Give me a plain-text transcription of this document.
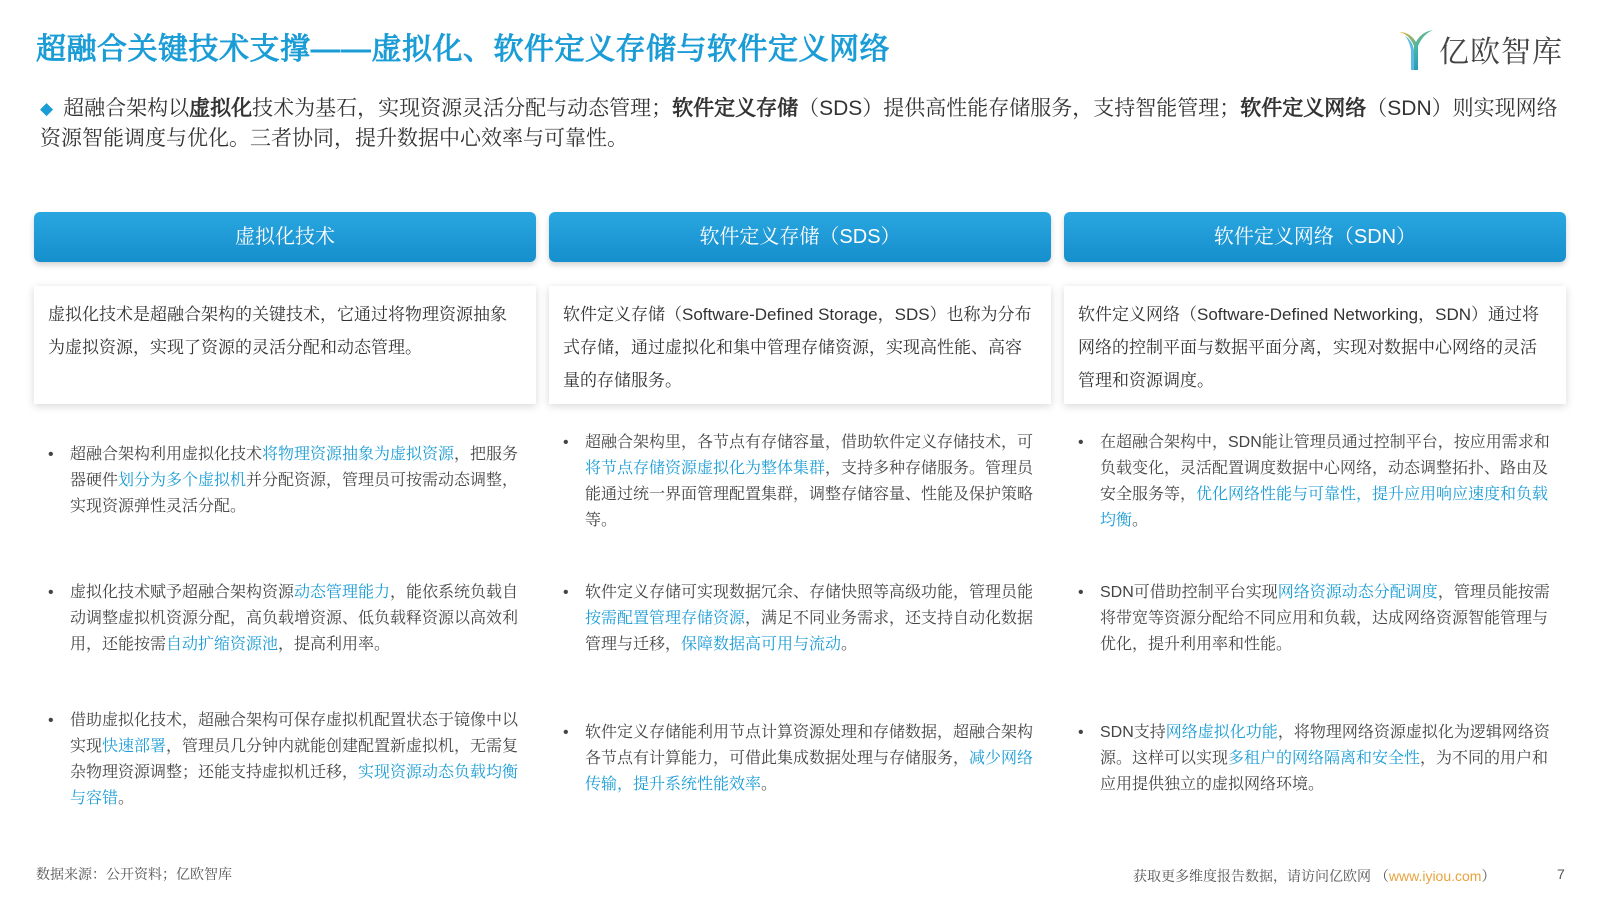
超融合关键技术支撑——虚拟化、软件定义存储与软件定义网络	亿欧智库
◆ 超融合架构以虚拟化技术为基石，实现资源灵活分配与动态管理；软件定义存储（SDS）提供高性能存储服务，支持智能管理；软件定义网络（SDN）则实现网络资源智能调度与优化。三者协同，提升数据中心效率与可靠性。
虚拟化技术
虚拟化技术是超融合架构的关键技术，它通过将物理资源抽象为虚拟资源，实现了资源的灵活分配和动态管理。
• 超融合架构利用虚拟化技术将物理资源抽象为虚拟资源，把服务器硬件划分为多个虚拟机并分配资源，管理员可按需动态调整，实现资源弹性灵活分配。
• 虚拟化技术赋予超融合架构资源动态管理能力，能依系统负载自动调整虚拟机资源分配，高负载增资源、低负载释资源以高效利用，还能按需自动扩缩资源池，提高利用率。
• 借助虚拟化技术，超融合架构可保存虚拟机配置状态于镜像中以实现快速部署，管理员几分钟内就能创建配置新虚拟机，无需复杂物理资源调整；还能支持虚拟机迁移，实现资源动态负载均衡与容错。
软件定义存储（SDS）
软件定义存储（Software-Defined Storage，SDS）也称为分布式存储，通过虚拟化和集中管理存储资源，实现高性能、高容量的存储服务。
• 超融合架构里，各节点有存储容量，借助软件定义存储技术，可将节点存储资源虚拟化为整体集群，支持多种存储服务。管理员能通过统一界面管理配置集群，调整存储容量、性能及保护策略等。
• 软件定义存储可实现数据冗余、存储快照等高级功能，管理员能按需配置管理存储资源，满足不同业务需求，还支持自动化数据管理与迁移，保障数据高可用与流动。
• 软件定义存储能利用节点计算资源处理和存储数据，超融合架构各节点有计算能力，可借此集成数据处理与存储服务，减少网络传输，提升系统性能效率。
软件定义网络（SDN）
软件定义网络（Software-Defined Networking，SDN）通过将网络的控制平面与数据平面分离，实现对数据中心网络的灵活管理和资源调度。
• 在超融合架构中，SDN能让管理员通过控制平台，按应用需求和负载变化，灵活配置调度数据中心网络，动态调整拓扑、路由及安全服务等，优化网络性能与可靠性，提升应用响应速度和负载均衡。
• SDN可借助控制平台实现网络资源动态分配调度，管理员能按需将带宽等资源分配给不同应用和负载，达成网络资源智能管理与优化，提升利用率和性能。
• SDN支持网络虚拟化功能，将物理网络资源虚拟化为逻辑网络资源。这样可以实现多租户的网络隔离和安全性，为不同的用户和应用提供独立的虚拟网络环境。
数据来源：公开资料；亿欧智库	获取更多维度报告数据，请访问亿欧网 （www.iyiou.com）	7
